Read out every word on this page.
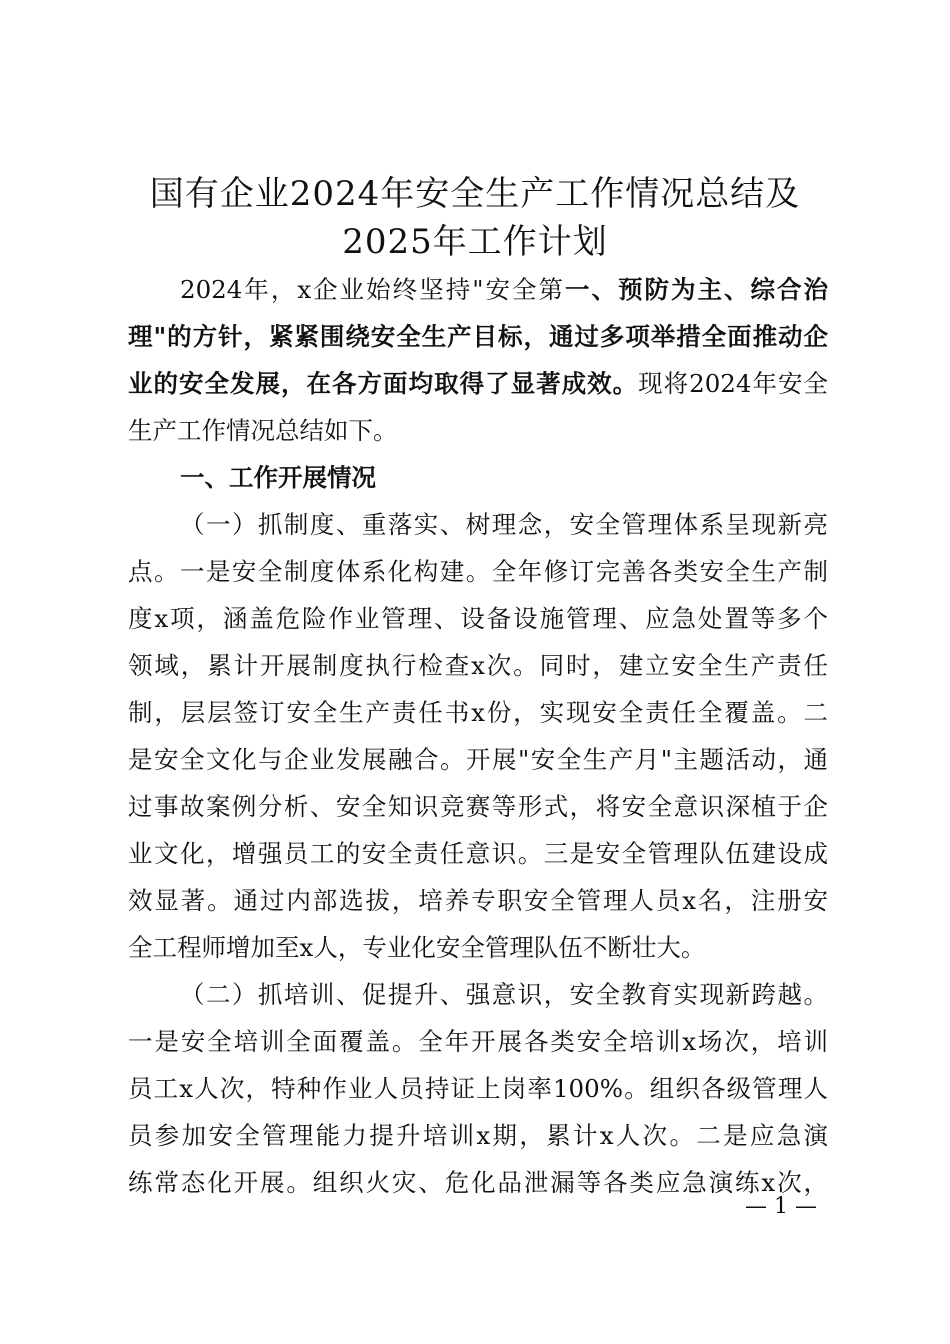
国有企业2024年安全生产工作情况总结及
2025年工作计划
2024年，x企业始终坚持"安全第一、预防为主、综合治
理"的方针，紧紧围绕安全生产目标，通过多项举措全面推动企
业的安全发展，在各方面均取得了显著成效。现将2024年安全
生产工作情况总结如下。
一、工作开展情况
（一）抓制度、重落实、树理念，安全管理体系呈现新亮
点。一是安全制度体系化构建。全年修订完善各类安全生产制
度x项，涵盖危险作业管理、设备设施管理、应急处置等多个
领域，累计开展制度执行检查x次。同时，建立安全生产责任
制，层层签订安全生产责任书x份，实现安全责任全覆盖。二
是安全文化与企业发展融合。开展"安全生产月"主题活动，通
过事故案例分析、安全知识竞赛等形式，将安全意识深植于企
业文化，增强员工的安全责任意识。三是安全管理队伍建设成
效显著。通过内部选拔，培养专职安全管理人员x名，注册安
全工程师增加至x人，专业化安全管理队伍不断壮大。
（二）抓培训、促提升、强意识，安全教育实现新跨越。
一是安全培训全面覆盖。全年开展各类安全培训x场次，培训
员工x人次，特种作业人员持证上岗率100%。组织各级管理人
员参加安全管理能力提升培训x期，累计x人次。二是应急演
练常态化开展。组织火灾、危化品泄漏等各类应急演练x次，
— 1 —
